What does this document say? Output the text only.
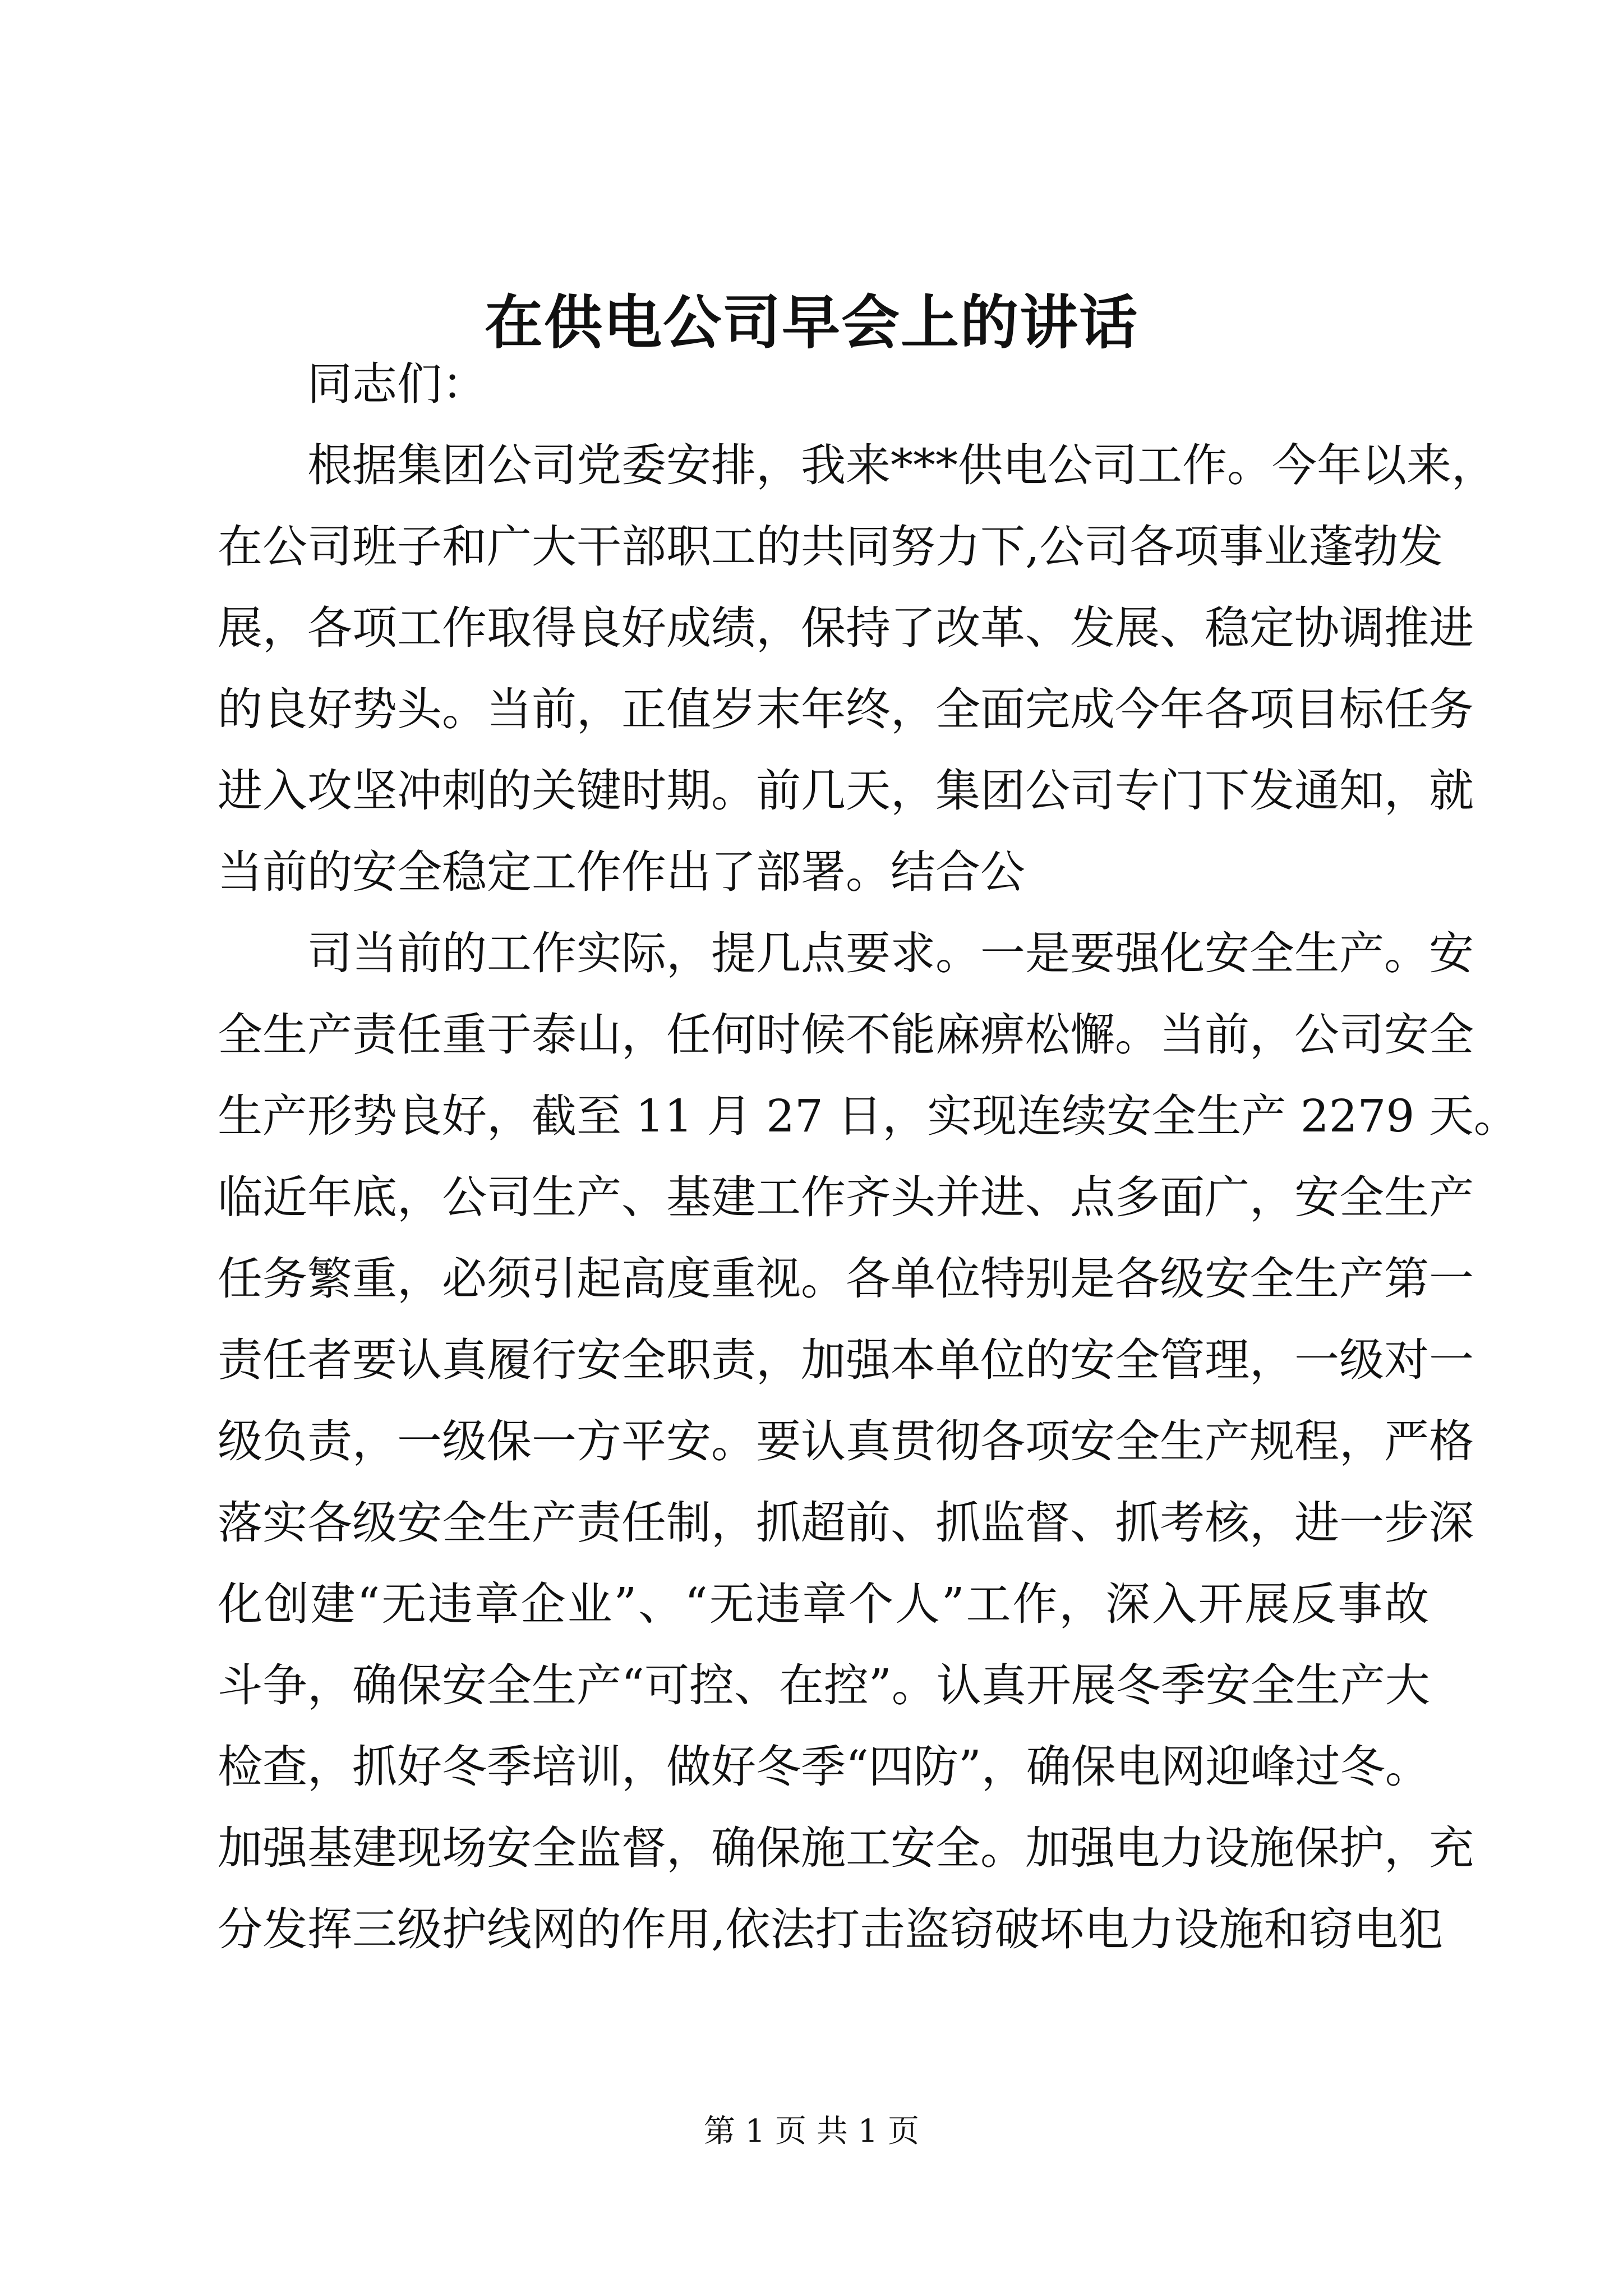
在供电公司早会上的讲话
同志们：
根据集团公司党委安排，我来***供电公司工作。今年以来，
在公司班子和广大干部职工的共同努力下,公司各项事业蓬勃发
展，各项工作取得良好成绩，保持了改革、发展、稳定协调推进
的良好势头。当前，正值岁末年终，全面完成今年各项目标任务
进入攻坚冲刺的关键时期。前几天，集团公司专门下发通知，就
当前的安全稳定工作作出了部署。结合公
司当前的工作实际，提几点要求。一是要强化安全生产。安
全生产责任重于泰山，任何时候不能麻痹松懈。当前，公司安全
生产形势良好，截至 11 月 27 日，实现连续安全生产 2279 天。
临近年底，公司生产、基建工作齐头并进、点多面广，安全生产
任务繁重，必须引起高度重视。各单位特别是各级安全生产第一
责任者要认真履行安全职责，加强本单位的安全管理，一级对一
级负责，一级保一方平安。要认真贯彻各项安全生产规程，严格
落实各级安全生产责任制，抓超前、抓监督、抓考核，进一步深
化创建“无违章企业”、“无违章个人”工作，深入开展反事故
斗争，确保安全生产“可控、在控”。认真开展冬季安全生产大
检查，抓好冬季培训，做好冬季“四防”，确保电网迎峰过冬。
加强基建现场安全监督，确保施工安全。加强电力设施保护，充
分发挥三级护线网的作用,依法打击盗窃破坏电力设施和窃电犯
第 1 页 共 1 页
